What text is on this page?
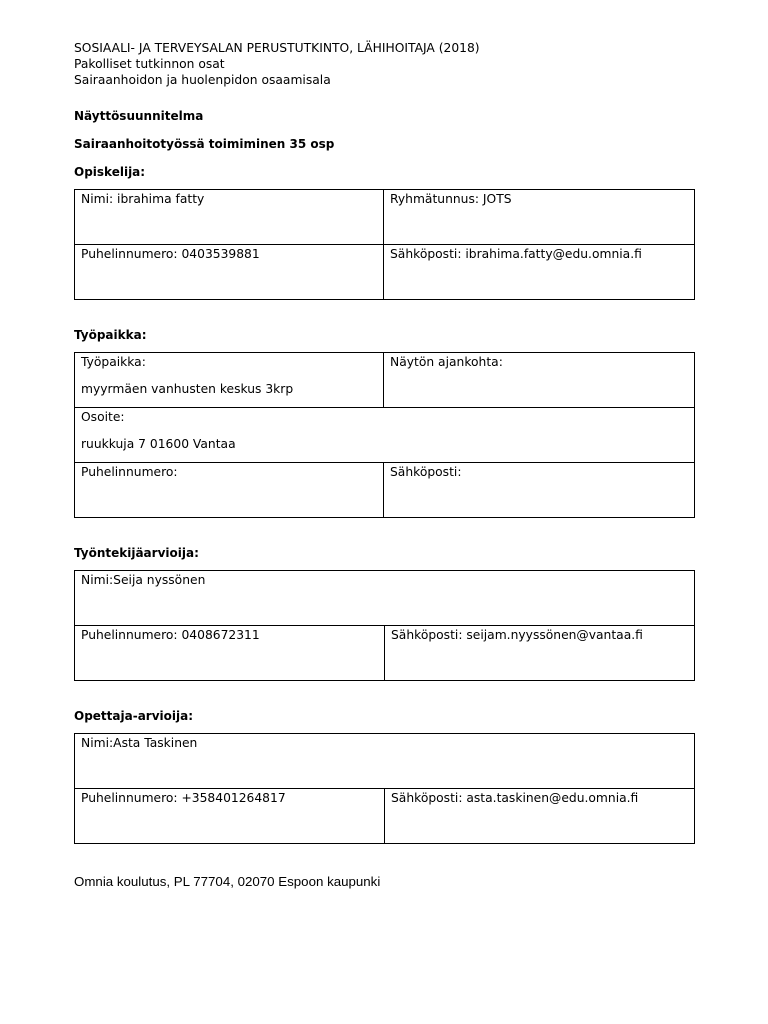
SOSIAALI- JA TERVEYSALAN PERUSTUTKINTO, LÄHIHOITAJA (2018)

Pakolliset tutkinnon osat

Sairaanhoidon ja huolenpidon osaamisala

Näyttösuunnitelma

Sairaanhoitotyössä toimiminen 35 osp

Opiskelija:

Nimi: ibrahima fatty	Ryhmätunnus: JOTS
Puhelinnumero: 0403539881	Sähköposti: ibrahima.fatty@edu.omnia.fi

Työpaikka:

Työpaikka:
myyrmäen vanhusten keskus 3krp	Näytön ajankohta:

Osoite:
ruukkuja 7 01600 Vantaa	

Puhelinnumero:	Sähköposti:

Työntekijäarvioija:

Nimi:Seija nyssönen
Puhelinnumero: 0408672311	Sähköposti: seijam.nyyssönen@vantaa.fi

Opettaja-arvioija:

Nimi:Asta Taskinen
Puhelinnumero: +358401264817	Sähköposti: asta.taskinen@edu.omnia.fi
Omnia koulutus, PL 77704, 02070 Espoon kaupunki
